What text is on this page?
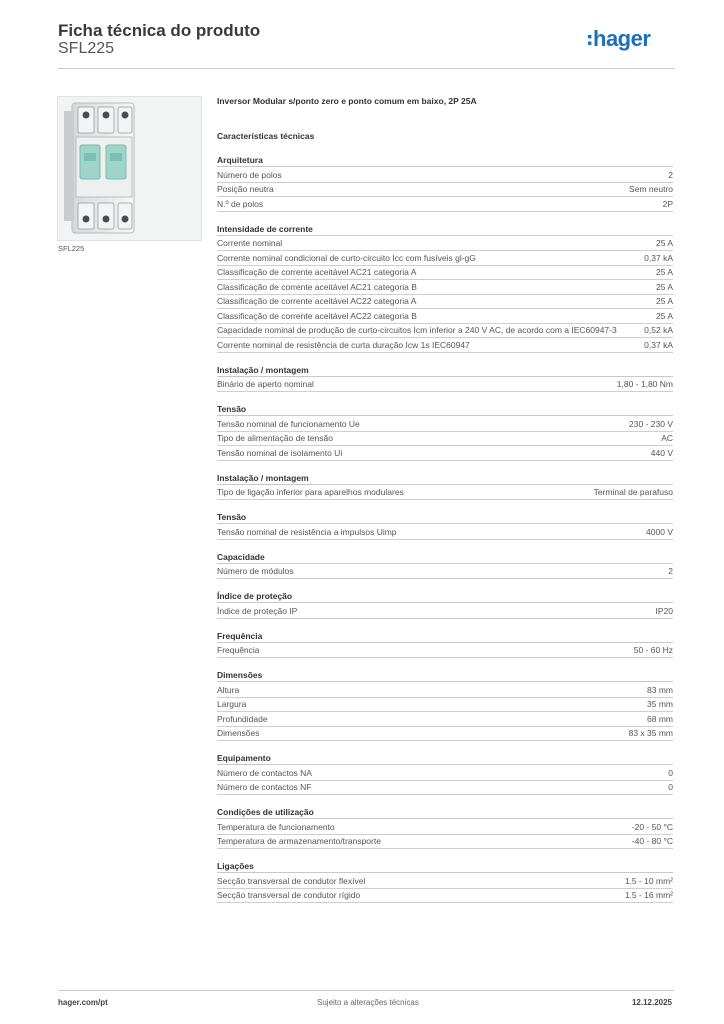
Ficha técnica do produto
SFL225	hager
SFL225
Inversor Modular s/ponto zero e ponto comum em baixo, 2P 25A
Características técnicas
Arquitetura
Número de polos	2
Posição neutra	Sem neutro
N.º de polos	2P
Intensidade de corrente
Corrente nominal	25 A
Corrente nominal condicional de curto-circuito Icc com fusíveis gl-gG	0,37 kA
Classificação de corrente aceitável AC21 categoria A	25 A
Classificação de corrente aceitável AC21 categoria B	25 A
Classificação de corrente aceitável AC22 categoria A	25 A
Classificação de corrente aceitável AC22 categoria B	25 A
Capacidade nominal de produção de curto-circuitos Icm inferior a 240 V AC, de acordo com a IEC60947-3	0,52 kA
Corrente nominal de resistência de curta duração Icw 1s IEC60947	0,37 kA
Instalação / montagem
Binário de aperto nominal	1,80 - 1,80 Nm
Tensão
Tensão nominal de funcionamento Ue	230 - 230 V
Tipo de alimentação de tensão	AC
Tensão nominal de isolamento Ui	440 V
Instalação / montagem
Tipo de ligação inferior para aparelhos modulares	Terminal de parafuso
Tensão
Tensão nominal de resistência a impulsos Uimp	4000 V
Capacidade
Número de módulos	2
Índice de proteção
Índice de proteção IP	IP20
Frequência
Frequência	50 - 60 Hz
Dimensões
Altura	83 mm
Largura	35 mm
Profundidade	68 mm
Dimensões	83 x 35 mm
Equipamento
Número de contactos NA	0
Número de contactos NF	0
Condições de utilização
Temperatura de funcionamento	-20 - 50 °C
Temperatura de armazenamento/transporte	-40 - 80 °C
Ligações
Secção transversal de condutor flexível	1.5 - 10 mm²
Secção transversal de condutor rígido	1.5 - 16 mm²
hager.com/pt	Sujeito a alterações técnicas	12.12.2025
